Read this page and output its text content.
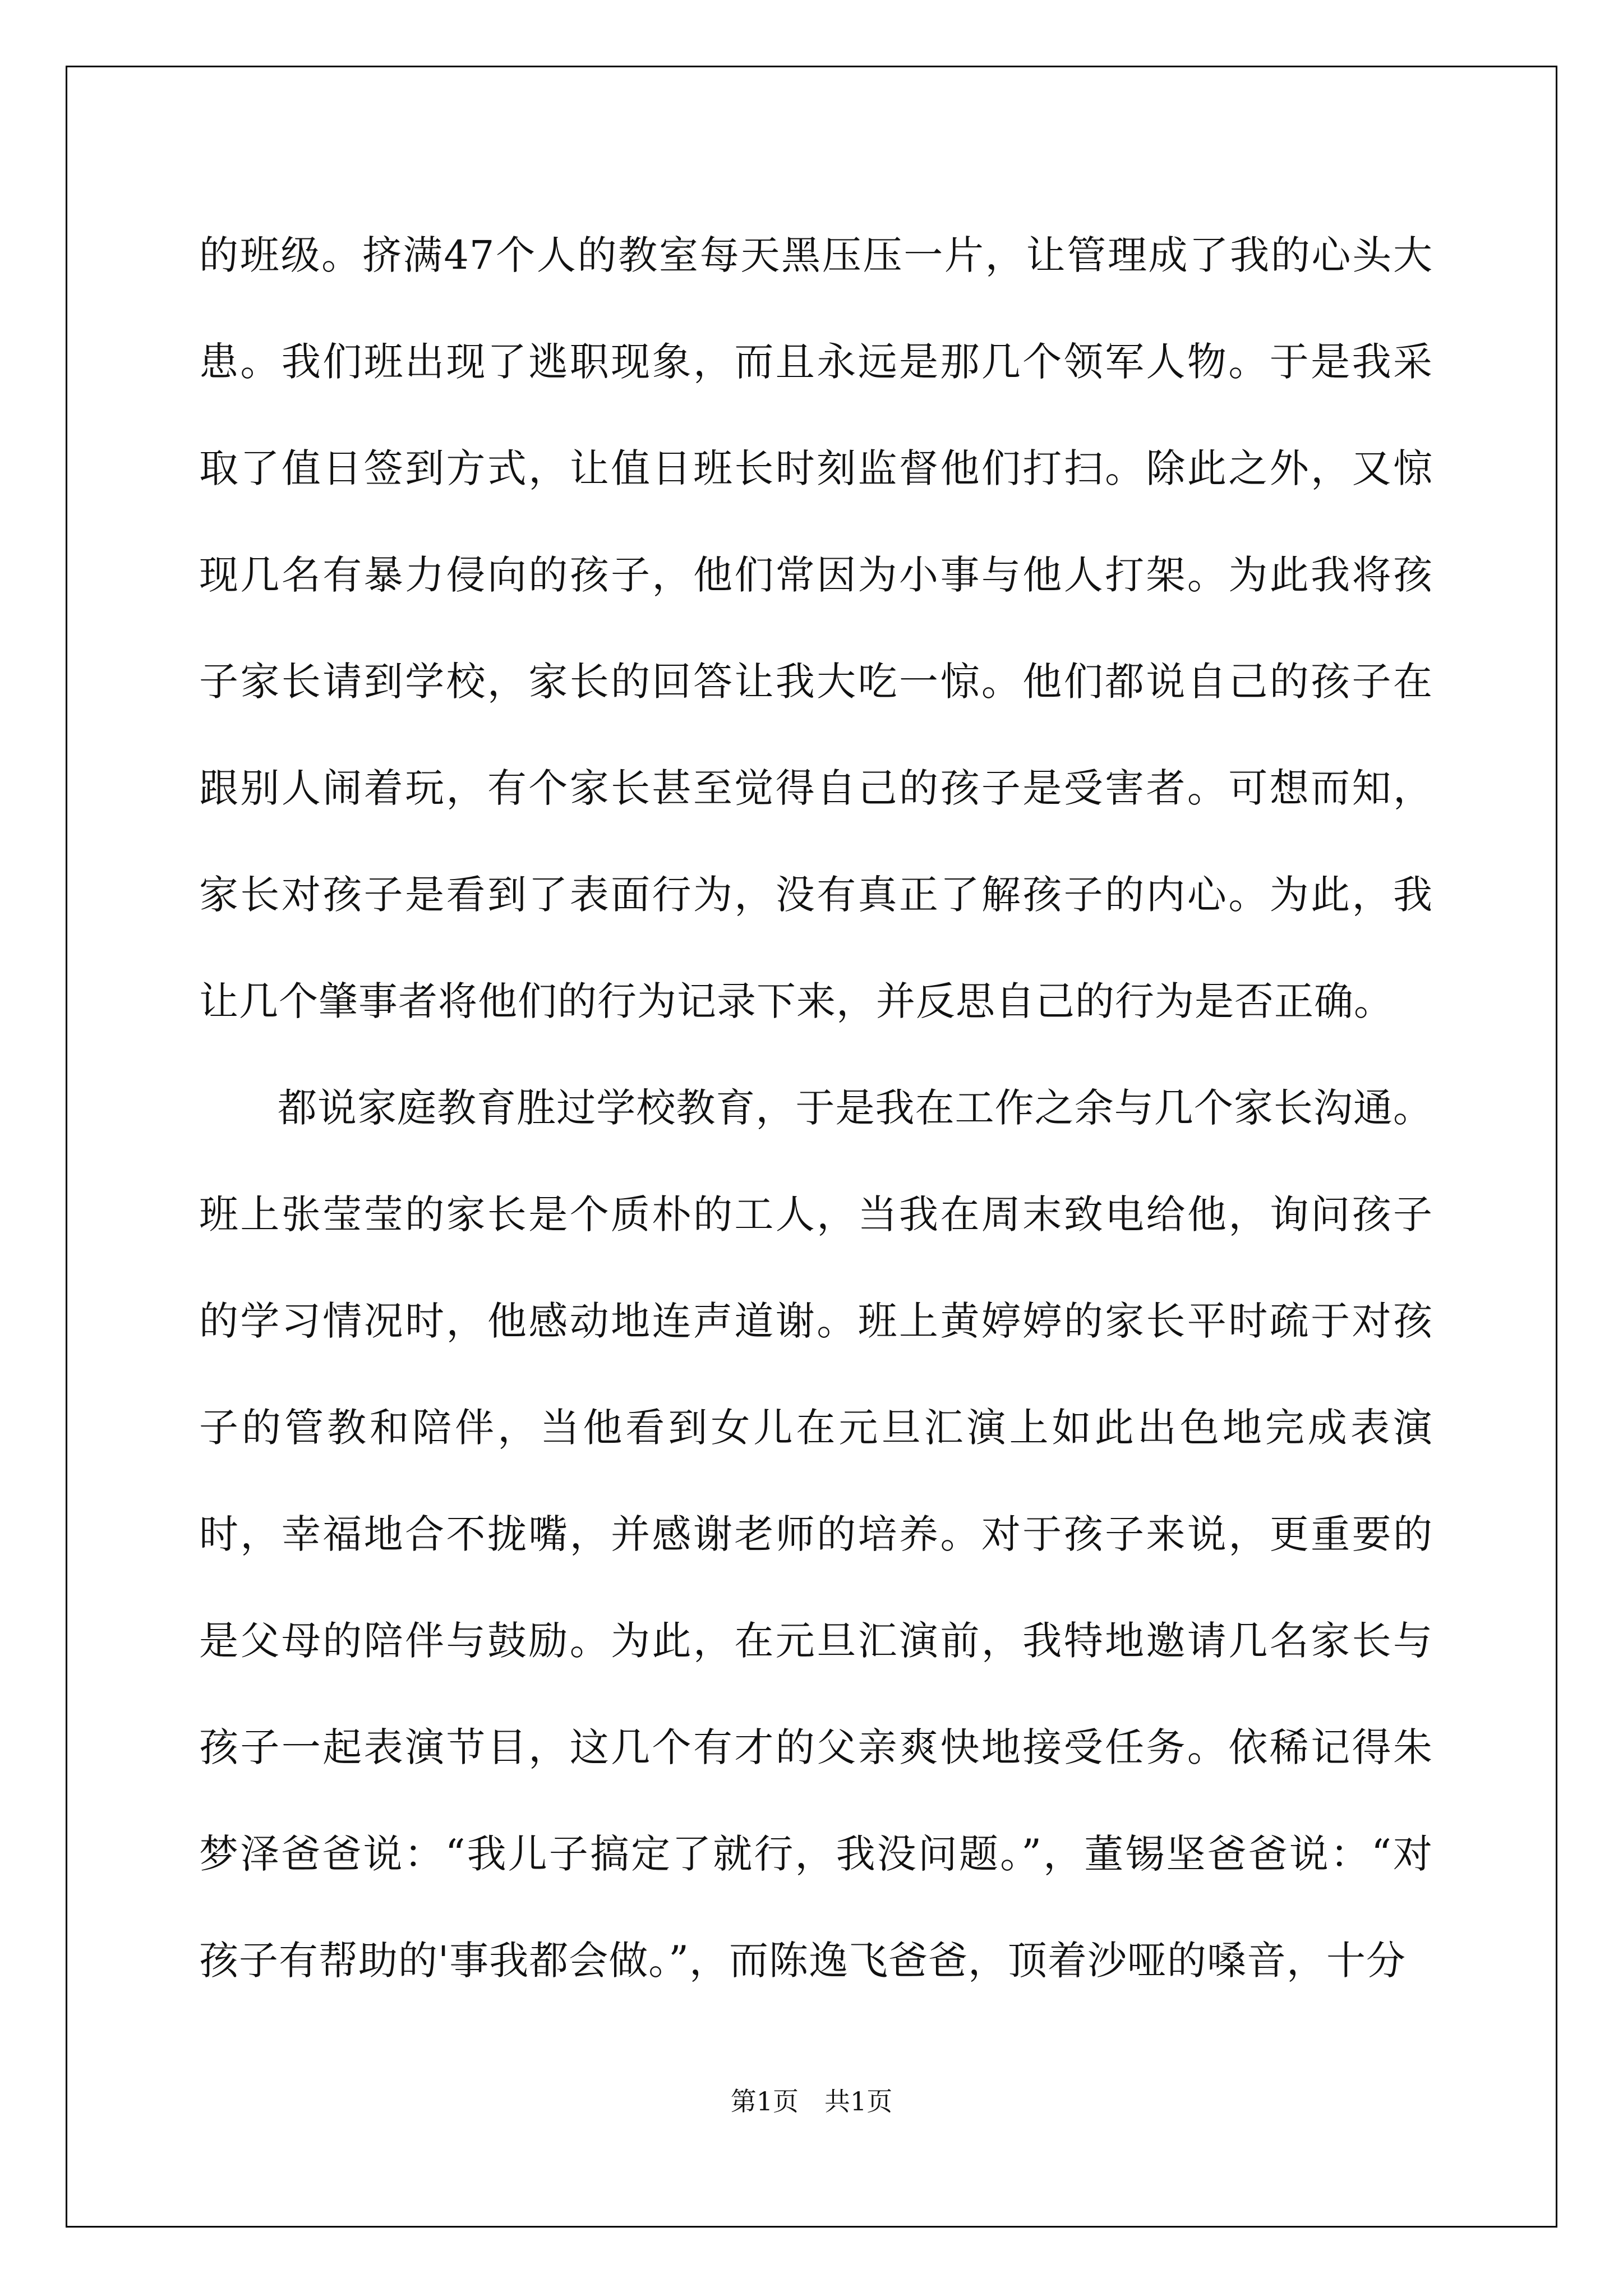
的班级。挤满47个人的教室每天黑压压一片，让管理成了我的心头大患。我们班出现了逃职现象，而且永远是那几个领军人物。于是我采取了值日签到方式，让值日班长时刻监督他们打扫。除此之外，又惊现几名有暴力侵向的孩子，他们常因为小事与他人打架。为此我将孩子家长请到学校，家长的回答让我大吃一惊。他们都说自己的孩子在跟别人闹着玩，有个家长甚至觉得自己的孩子是受害者。可想而知，家长对孩子是看到了表面行为，没有真正了解孩子的内心。为此，我让几个肇事者将他们的行为记录下来，并反思自己的行为是否正确。

都说家庭教育胜过学校教育，于是我在工作之余与几个家长沟通。班上张莹莹的家长是个质朴的工人，当我在周末致电给他，询问孩子的学习情况时，他感动地连声道谢。班上黄婷婷的家长平时疏于对孩子的管教和陪伴，当他看到女儿在元旦汇演上如此出色地完成表演时，幸福地合不拢嘴，并感谢老师的培养。对于孩子来说，更重要的是父母的陪伴与鼓励。为此，在元旦汇演前，我特地邀请几名家长与孩子一起表演节目，这几个有才的父亲爽快地接受任务。依稀记得朱梦泽爸爸说：“我儿子搞定了就行，我没问题。”，董锡坚爸爸说：“对孩子有帮助的'事我都会做。”，而陈逸飞爸爸，顶着沙哑的嗓音，十分

第1页 共1页
